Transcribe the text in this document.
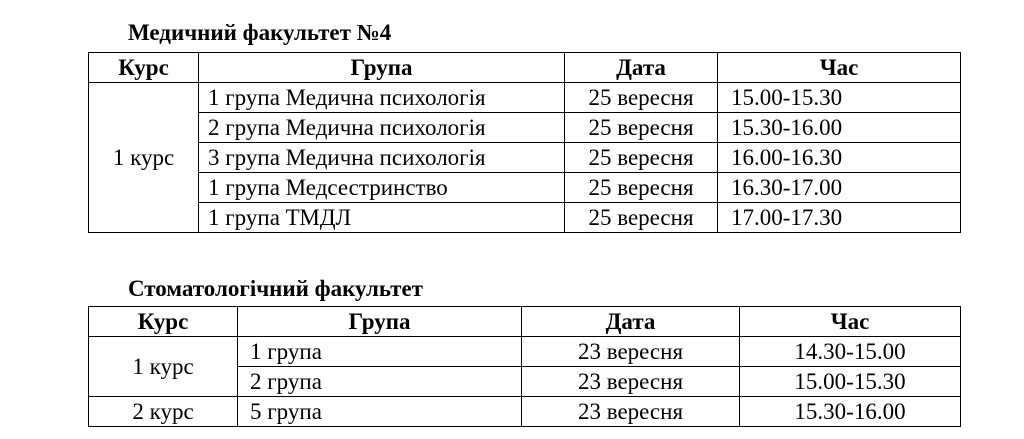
Медичний факультет №4
Курс	Група	Дата	Час
1 курс	1 група Медична психологія	25 вересня	15.00-15.30
	2 група Медична психологія	25 вересня	15.30-16.00
	3 група Медична психологія	25 вересня	16.00-16.30
	1 група Медсестринство	25 вересня	16.30-17.00
	1 група ТМДЛ	25 вересня	17.00-17.30
Стоматологічний факультет
Курс	Група	Дата	Час
1 курс	1 група	23 вересня	14.30-15.00
	2 група	23 вересня	15.00-15.30
2 курс	5 група	23 вересня	15.30-16.00
